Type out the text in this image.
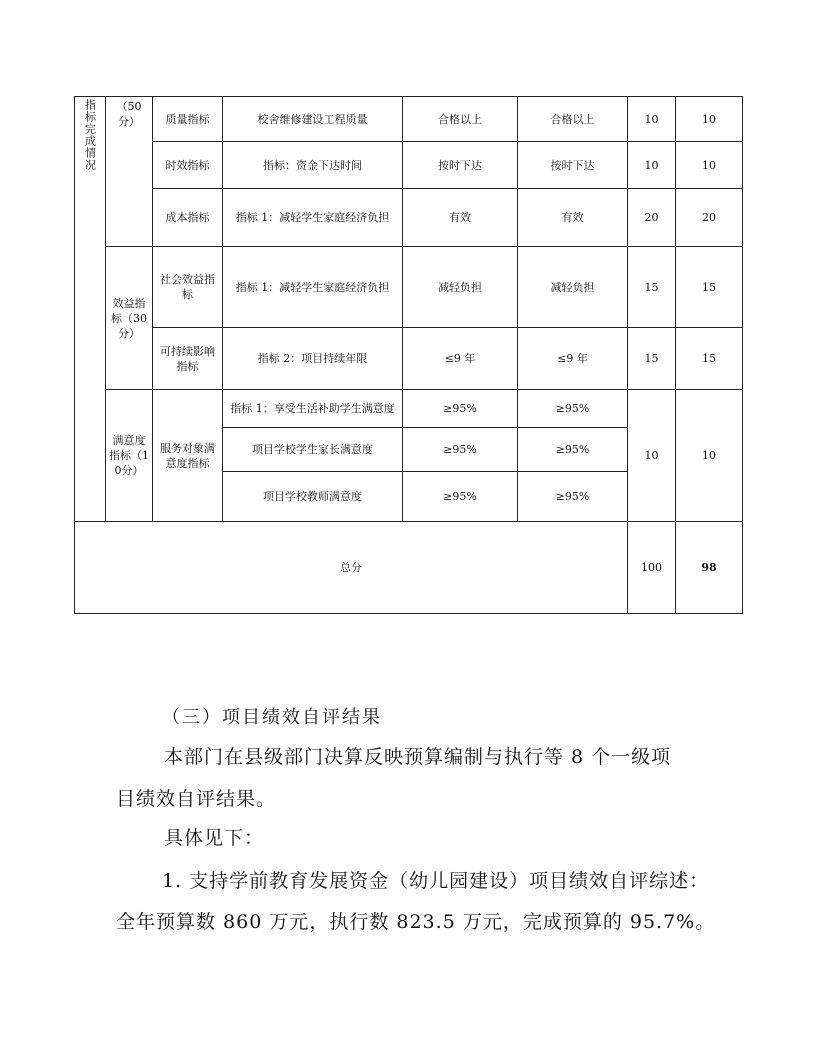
指标完成情况	（50分）	质量指标	校舍维修建设工程质量	合格以上	合格以上	10	10
		时效指标	指标：资金下达时间	按时下达	按时下达	10	10
		成本指标	指标 1：减轻学生家庭经济负担	有效	有效	20	20
	效益指标（30分）	社会效益指标	指标 1：减轻学生家庭经济负担	减轻负担	减轻负担	15	15
		可持续影响指标	指标 2：项目持续年限	≤9 年	≤9 年	15	15
	满意度指标（10分）	服务对象满意度指标	指标 1：享受生活补助学生满意度	≥95%	≥95%	10	10
			项目学校学生家长满意度	≥95%	≥95%		
			项目学校教师满意度	≥95%	≥95%		
总分						100	98
（三）项目绩效自评结果
本部门在县级部门决算反映预算编制与执行等 8 个一级项
目绩效自评结果。
具体见下：
1. 支持学前教育发展资金（幼儿园建设）项目绩效自评综述：
全年预算数 860 万元，执行数 823.5 万元，完成预算的 95.7%。
